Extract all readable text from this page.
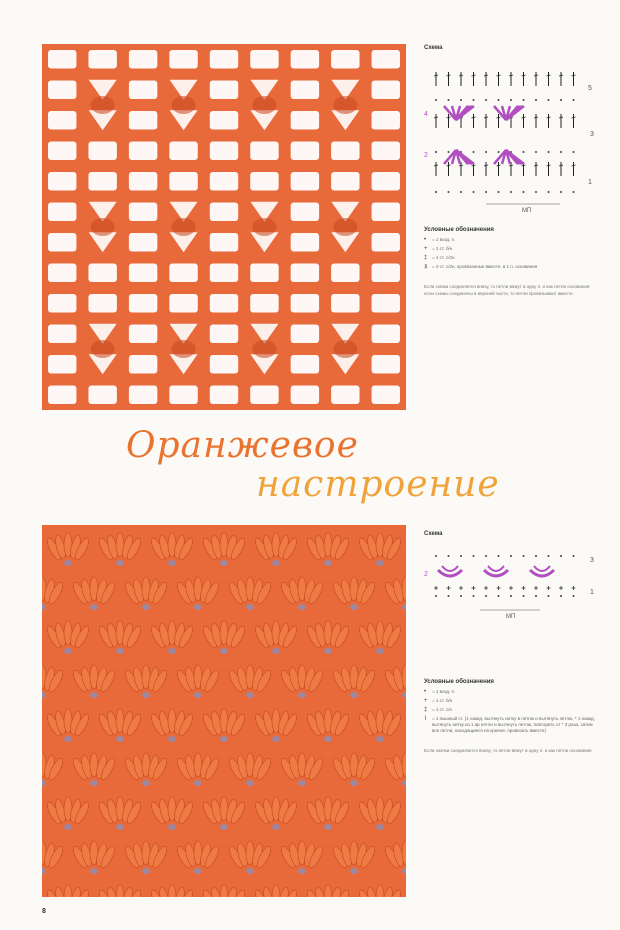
Схема
4
2
5
3
1
МП
Условные обозначения
•	= 1 возд. п.
+ = 1 ст. б/н
‡	= 1 ст. с/2н
⫫	= 2 ст. с/2н, провязанные вместе, в 1 п. основания
Если схема соединяется внизу, то петли вяжут в одну п. и как петли основания; если схемы соединены в верхней части, то петли провязывают вместе.
Оранжевое
настроение
Схема
2
3
1
МП
Условные обозначения
•	= 1 возд. п.
+ = 1 ст. б/н
‡	= 1 ст. с/н
⌇	= 1 пышный ст. (1 накид, вытянуть нитку в петлю и вытянуть петлю, * 1 накид, вытянуть нитку из 1 ар петли и вытянуть петлю, повторить от * 3 раза, затем все петли, находящиеся на крючке, провязать вместе)
Если значки соединяются внизу, то петли вяжут в одну п. и как петли основания.
8
